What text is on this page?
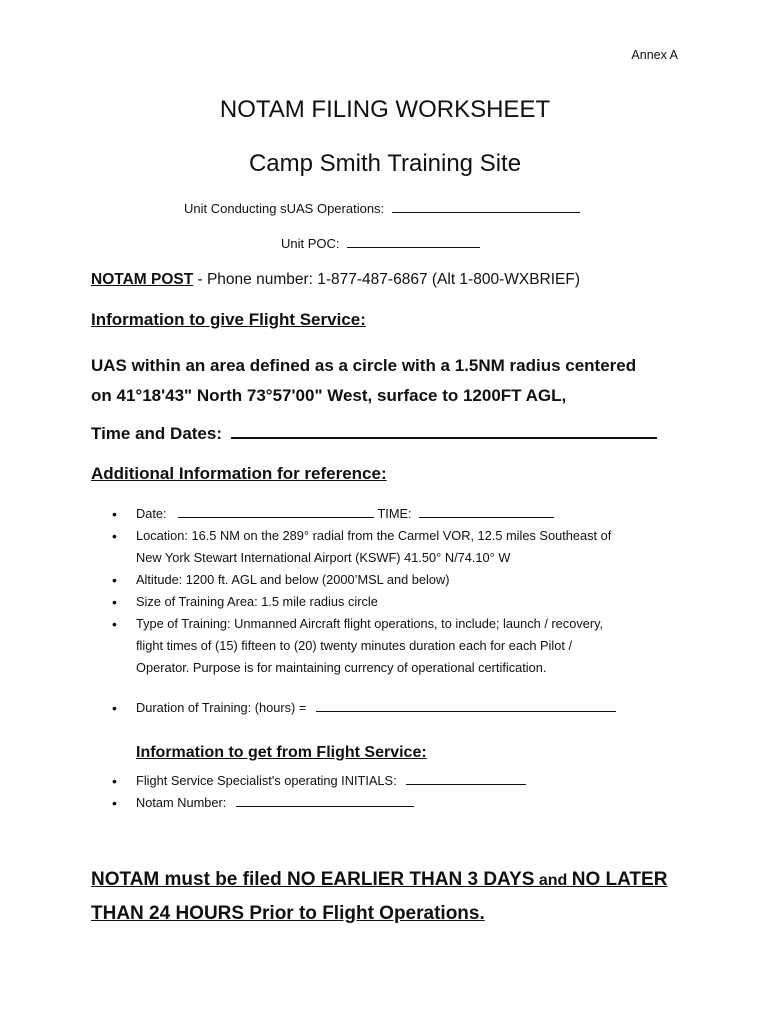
Annex A
NOTAM FILING WORKSHEET
Camp Smith Training Site
Unit Conducting sUAS Operations:
Unit POC:
NOTAM POST - Phone number: 1-877-487-6867 (Alt 1-800-WXBRIEF)
Information to give Flight Service:
UAS within an area defined as a circle with a 1.5NM radius centered
on 41°18'43" North 73°57'00" West, surface to 1200FT AGL,
Time and Dates:
Additional Information for reference:
• Date:	TIME:
• Location: 16.5 NM on the 289° radial from the Carmel VOR, 12.5 miles Southeast of
New York Stewart International Airport (KSWF) 41.50° N/74.10° W
• Altitude: 1200 ft. AGL and below (2000’MSL and below)
• Size of Training Area: 1.5 mile radius circle
• Type of Training: Unmanned Aircraft flight operations, to include; launch / recovery,
flight times of (15) fifteen to (20) twenty minutes duration each for each Pilot /
Operator. Purpose is for maintaining currency of operational certification.
• Duration of Training: (hours) =
Information to get from Flight Service:
• Flight Service Specialist's operating INITIALS:
• Notam Number:
NOTAM must be filed NO EARLIER THAN 3 DAYS and NO LATER
THAN 24 HOURS Prior to Flight Operations.
